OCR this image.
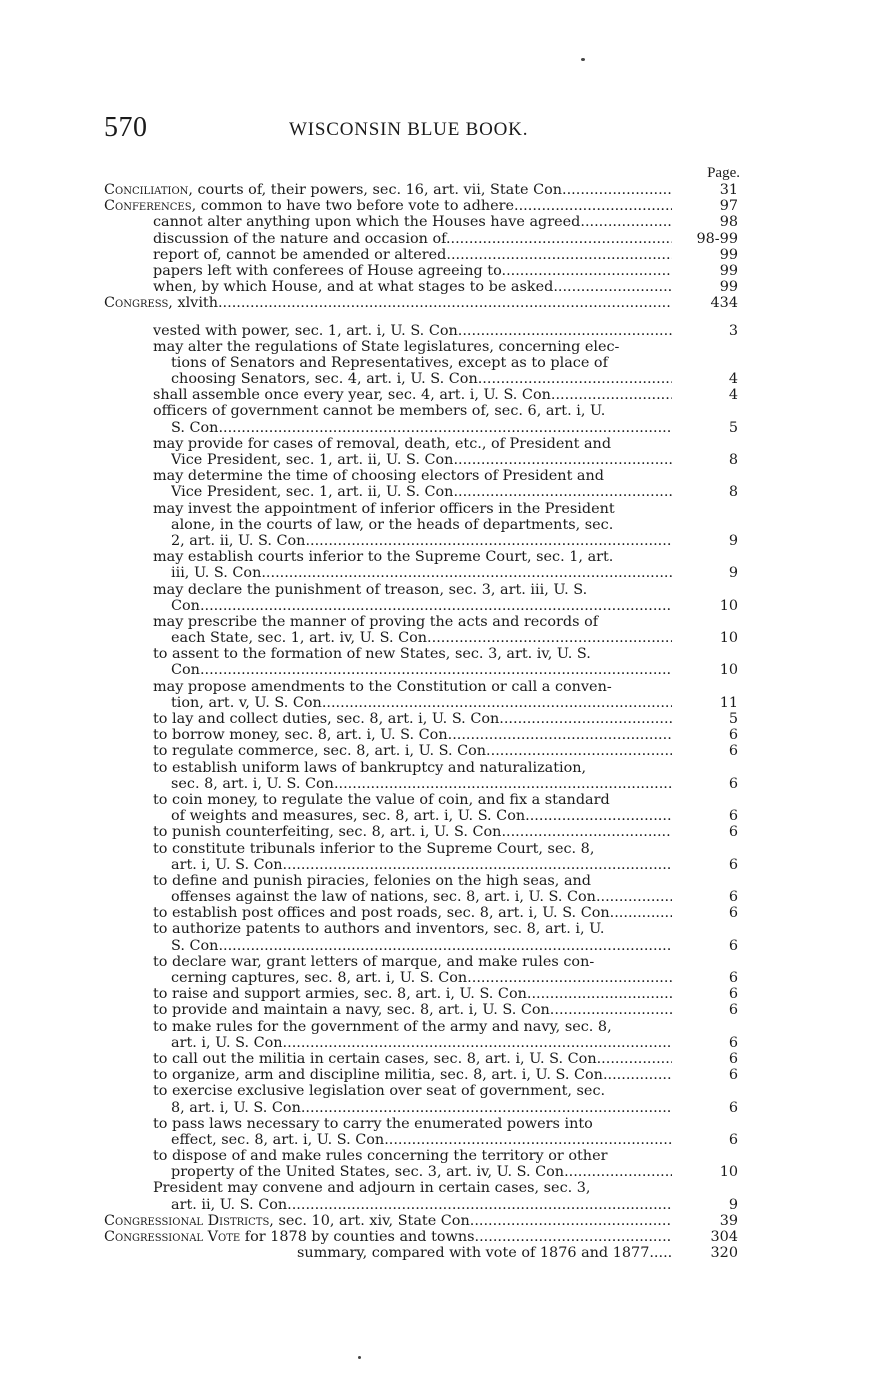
570	WISCONSIN BLUE BOOK.
Page.
Conciliation, courts of, their powers, sec. 16, art. vii, State Con .....	31
Conferences, common to have two before vote to adhere .....	97
cannot alter anything upon which the Houses have agreed .....	98
discussion of the nature and occasion of .....	98-99
report of, cannot be amended or altered .....	99
papers left with conferees of House agreeing to .....	99
when, by which House, and at what stages to be asked .....	99
Congress, xlvith .....	434
vested with power, sec. 1, art. i, U. S. Con .....	3
may alter the regulations of State legislatures, concerning elec-
tions of Senators and Representatives, except as to place of
choosing Senators, sec. 4, art. i, U. S. Con .....	4
shall assemble once every year, sec. 4, art. i, U. S. Con .....	4
officers of government cannot be members of, sec. 6, art. i, U.
S. Con .....	5
may provide for cases of removal, death, etc., of President and
Vice President, sec. 1, art. ii, U. S. Con .....	8
may determine the time of choosing electors of President and
Vice President, sec. 1, art. ii, U. S. Con .....	8
may invest the appointment of inferior officers in the President
alone, in the courts of law, or the heads of departments, sec.
2, art. ii, U. S. Con .....	9
may establish courts inferior to the Supreme Court, sec. 1, art.
iii, U. S. Con .....	9
may declare the punishment of treason, sec. 3, art. iii, U. S.
Con .....	10
may prescribe the manner of proving the acts and records of
each State, sec. 1, art. iv, U. S. Con .....	10
to assent to the formation of new States, sec. 3, art. iv, U. S.
Con .....	10
may propose amendments to the Constitution or call a conven-
tion, art. v, U. S. Con .....	11
to lay and collect duties, sec. 8, art. i, U. S. Con .....	5
to borrow money, sec. 8, art. i, U. S. Con .....	6
to regulate commerce, sec. 8, art. i, U. S. Con .....	6
to establish uniform laws of bankruptcy and naturalization,
sec. 8, art. i, U. S. Con .....	6
to coin money, to regulate the value of coin, and fix a standard
of weights and measures, sec. 8, art. i, U. S. Con .....	6
to punish counterfeiting, sec. 8, art. i, U. S. Con .....	6
to constitute tribunals inferior to the Supreme Court, sec. 8,
art. i, U. S. Con .....	6
to define and punish piracies, felonies on the high seas, and
offenses against the law of nations, sec. 8, art. i, U. S. Con.. .....	6
to establish post offices and post roads, sec. 8, art. i, U. S. Con. .....	6
to authorize patents to authors and inventors, sec. 8, art. i, U.
S. Con .....	6
to declare war, grant letters of marque, and make rules con-
cerning captures, sec. 8, art. i, U. S. Con .....	6
to raise and support armies, sec. 8, art. i, U. S. Con .....	6
to provide and maintain a navy, sec. 8, art. i, U. S. Con .....	6
to make rules for the government of the army and navy, sec. 8,
art. i, U. S. Con .....	6
to call out the militia in certain cases, sec. 8, art. i, U. S. Con. .....	6
to organize, arm and discipline militia, sec. 8, art. i, U. S. Con. .....	6
to exercise exclusive legislation over seat of government, sec.
8, art. i, U. S. Con .....	6
to pass laws necessary to carry the enumerated powers into
effect, sec. 8, art. i, U. S. Con .....	6
to dispose of and make rules concerning the territory or other
property of the United States, sec. 3, art. iv, U. S. Con .....	10
President may convene and adjourn in certain cases, sec. 3,
art. ii, U. S. Con .....	9
Congressional Districts, sec. 10, art. xiv, State Con .....	39
Congressional Vote for 1878 by counties and towns .....	304
summary, compared with vote of 1876 and 1877. .....	320
